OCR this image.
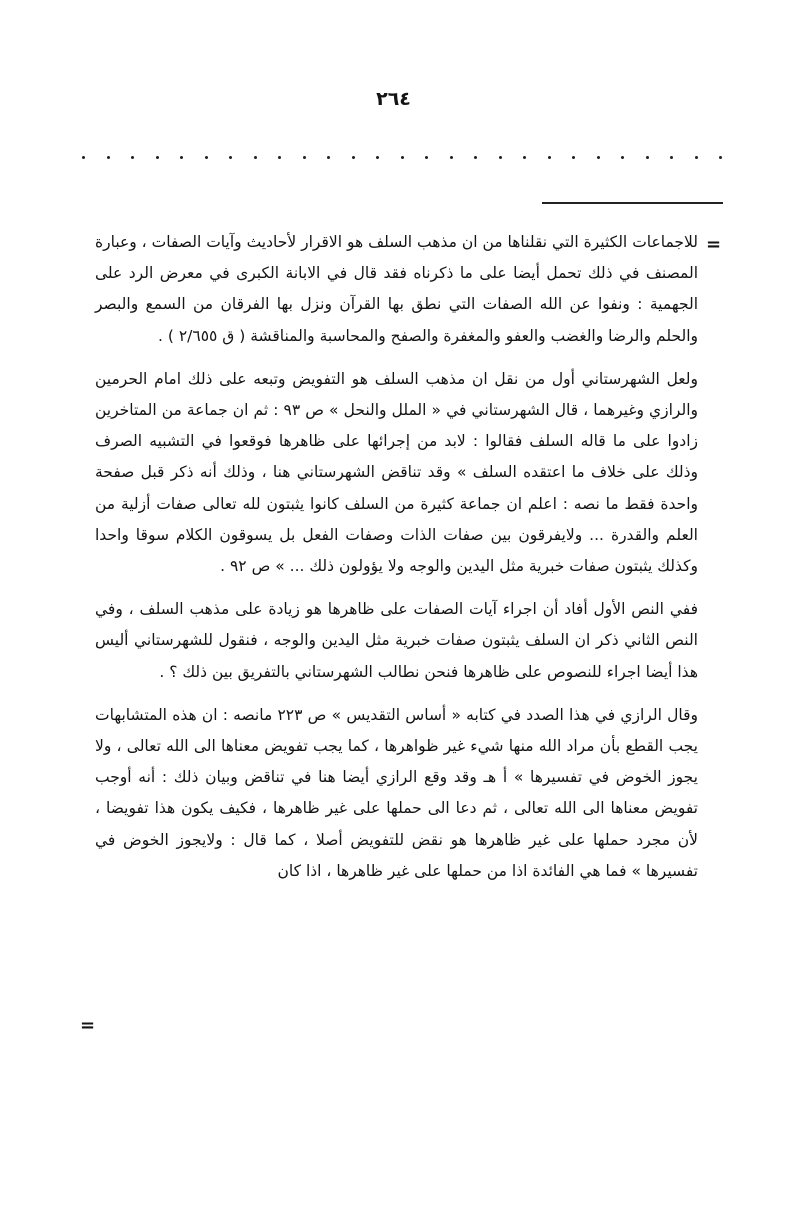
٢٦٤
=

للاجماعات الكثيرة التي نقلناها من ان مذهب السلف هو الاقرار لأحاديث وآيات الصفات ، وعبارة المصنف في ذلك تحمل أيضا على ما ذكرناه فقد قال في الابانة الكبرى في معرض الرد على الجهمية : ونفوا عن الله الصفات التي نطق بها القرآن ونزل بها الفرقان من السمع والبصر والحلم والرضا والغضب والعفو والمغفرة والصفح والمحاسبة والمناقشة ( ق ٢/٦٥٥ ) .

ولعل الشهرستاني أول من نقل ان مذهب السلف هو التفويض وتبعه على ذلك امام الحرمين والرازي وغيرهما ، قال الشهرستاني في « الملل والنحل » ص ٩٣ : ثم ان جماعة من المتاخرين زادوا على ما قاله السلف فقالوا : لابد من إجرائها على ظاهرها فوقعوا في التشبيه الصرف وذلك على خلاف ما اعتقده السلف » وقد تناقض الشهرستاني هنا ، وذلك أنه ذكر قبل صفحة واحدة فقط ما نصه : اعلم ان جماعة كثيرة من السلف كانوا يثبتون لله تعالى صفات أزلية من العلم والقدرة ... ولايفرقون بين صفات الذات وصفات الفعل بل يسوقون الكلام سوقا واحدا وكذلك يثبتون صفات خبرية مثل اليدين والوجه ولا يؤولون ذلك ... » ص ٩٢ .

ففي النص الأول أفاد أن اجراء آيات الصفات على ظاهرها هو زيادة على مذهب السلف ، وفي النص الثاني ذكر ان السلف يثبتون صفات خبرية مثل اليدين والوجه ، فنقول للشهرستاني أليس هذا أيضا اجراء للنصوص على ظاهرها فنحن نطالب الشهرستاني بالتفريق بين ذلك ؟ .

وقال الرازي في هذا الصدد في كتابه « أساس التقديس » ص ٢٢٣ مانصه : ان هذه المتشابهات يجب القطع بأن مراد الله منها شيء غير ظواهرها ، كما يجب تفويض معناها الى الله تعالى ، ولا يجوز الخوض في تفسيرها » أ هـ وقد وقع الرازي أيضا هنا في تناقض وبيان ذلك : أنه أوجب تفويض معناها الى الله تعالى ، ثم دعا الى حملها على غير ظاهرها ، فكيف يكون هذا تفويضا ، لأن مجرد حملها على غير ظاهرها هو نقض للتفويض أصلا ، كما قال : ولايجوز الخوض في تفسيرها » فما هي الفائدة اذا من حملها على غير ظاهرها ، اذا كان

=
